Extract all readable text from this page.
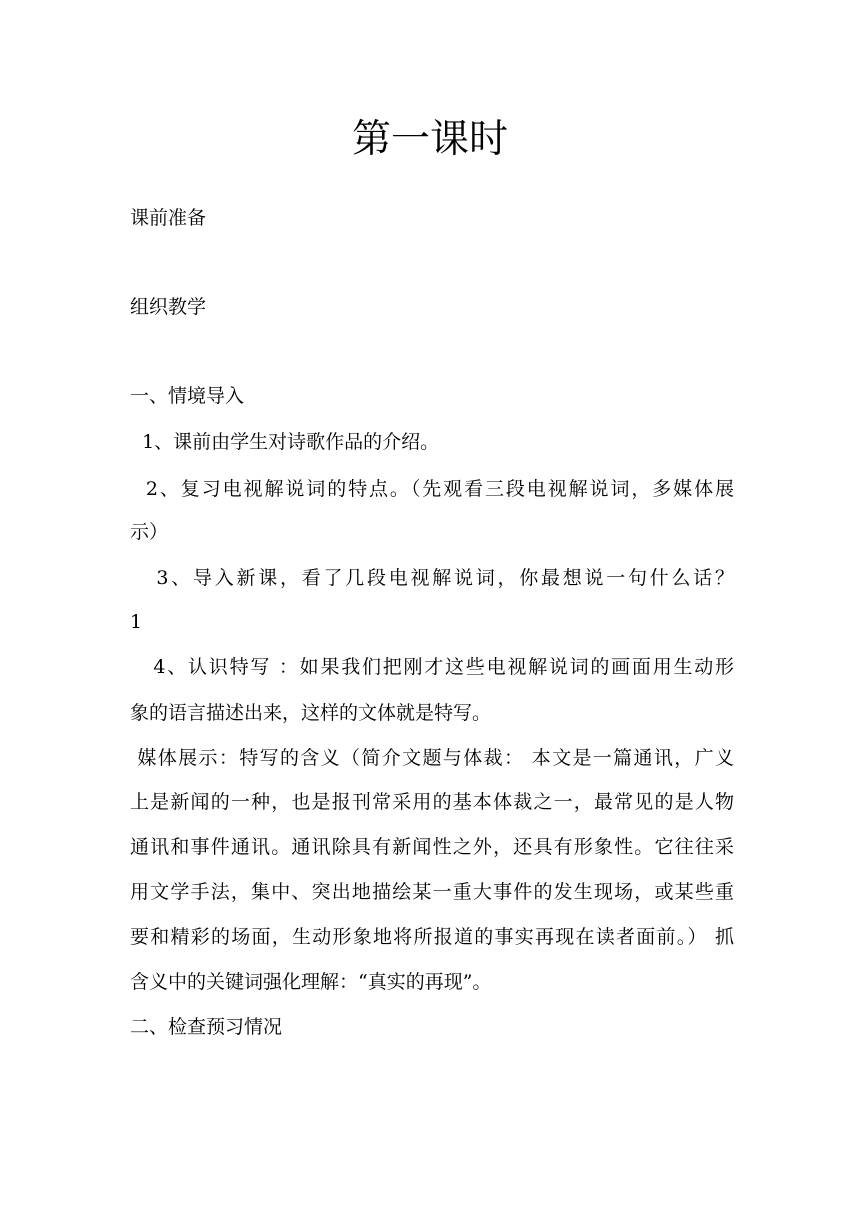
第一课时
课前准备
组织教学
一、情境导入
1、课前由学生对诗歌作品的介绍。
2、复习电视解说词的特点。（先观看三段电视解说词，多媒体展
示）
3、导入新课，看了几段电视解说词，你最想说一句什么话？
1
4、认识特写 ：如果我们把刚才这些电视解说词的画面用生动形
象的语言描述出来，这样的文体就是特写。
媒体展示：特写的含义（简介文题与体裁： 本文是一篇通讯，广义
上是新闻的一种，也是报刊常采用的基本体裁之一，最常见的是人物
通讯和事件通讯。通讯除具有新闻性之外，还具有形象性。它往往采
用文学手法，集中、突出地描绘某一重大事件的发生现场，或某些重
要和精彩的场面，生动形象地将所报道的事实再现在读者面前。） 抓
含义中的关键词强化理解：“真实的再现”。
二、检查预习情况
